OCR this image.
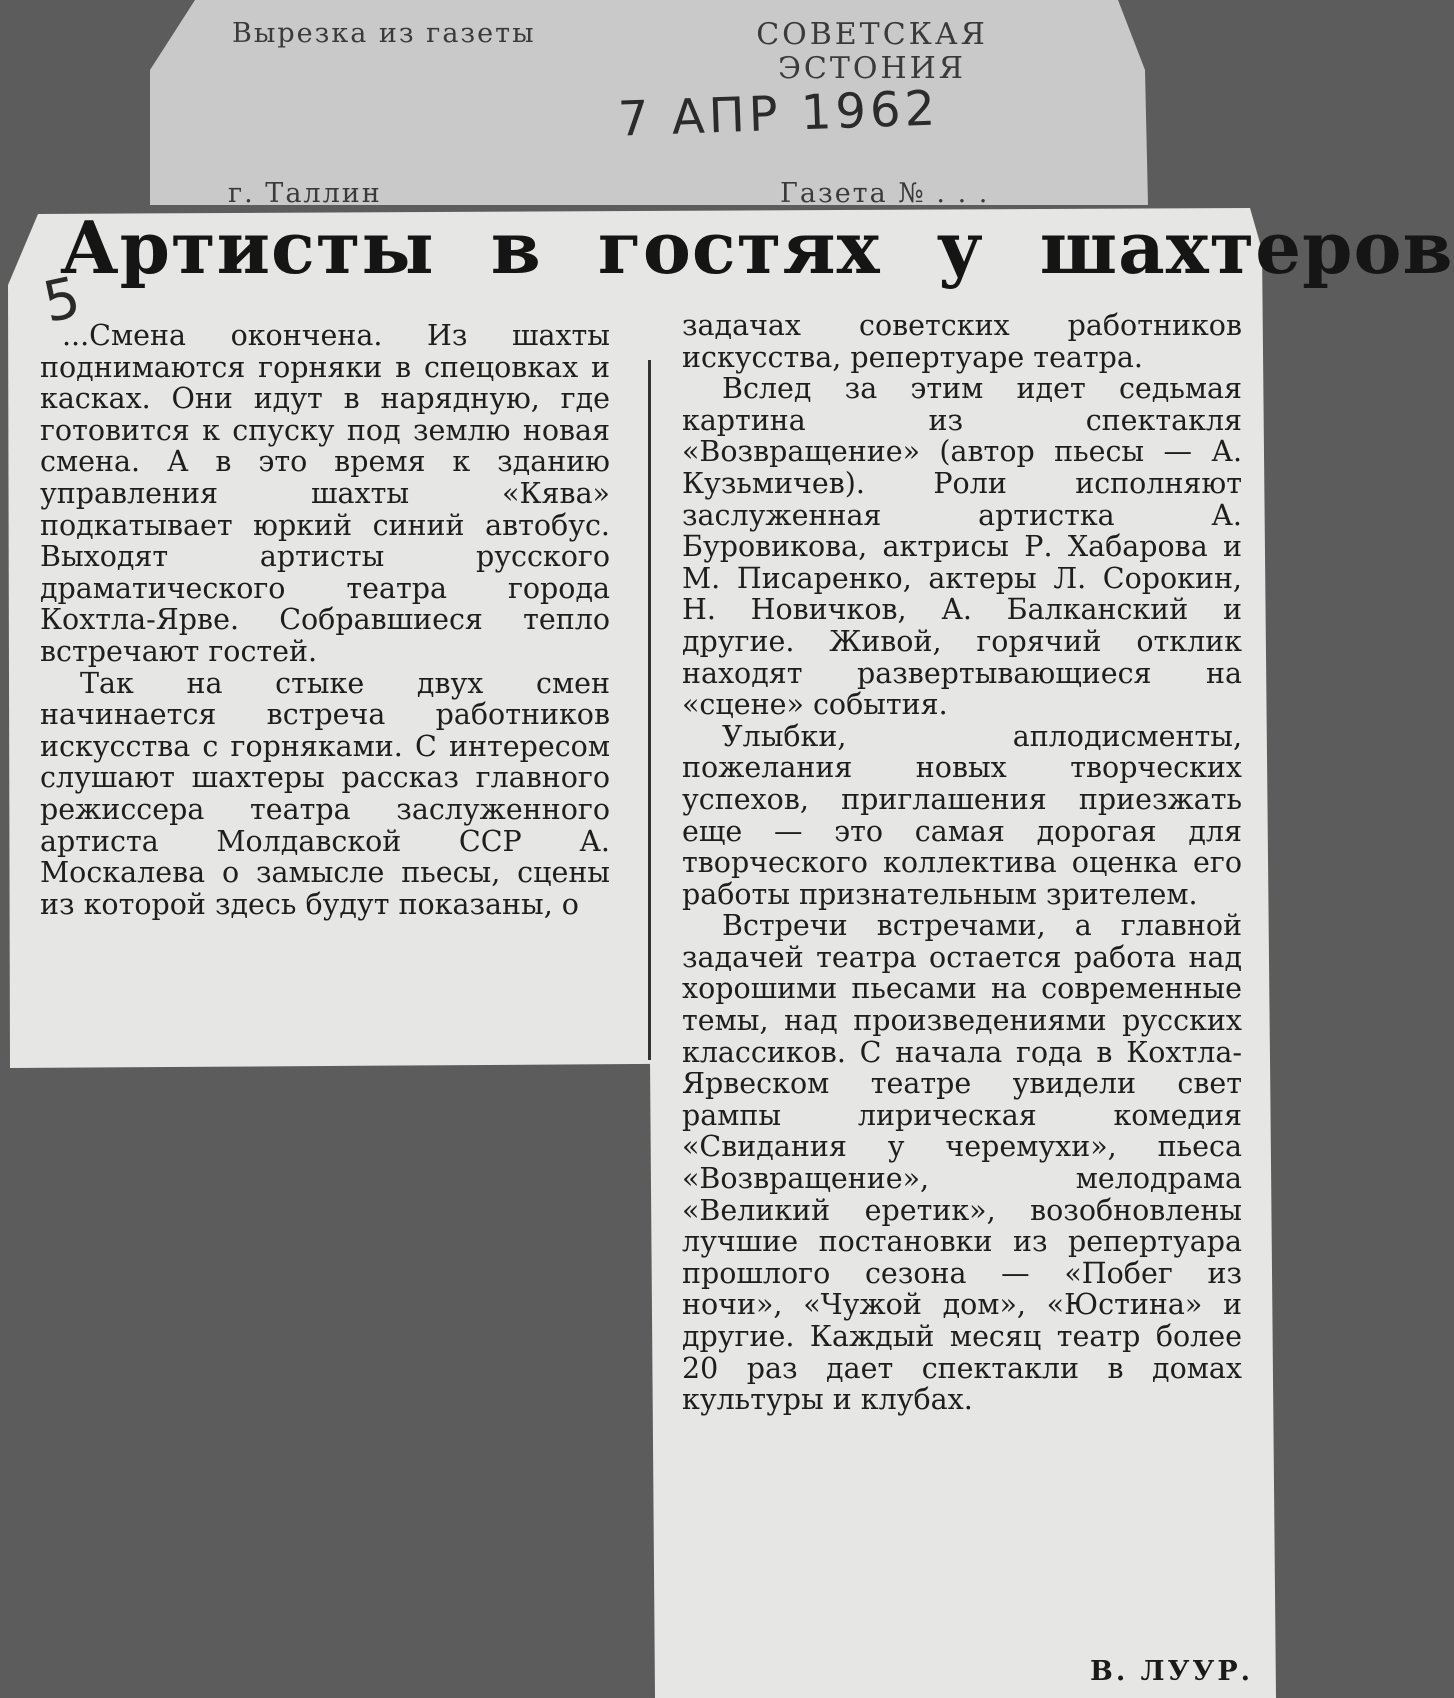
Вырезка из газеты	СОВЕТСКАЯ
ЭСТОНИЯ
7 АПР 1962
г. Таллин	Газета № . . .
5
Артисты в гостях у шахтеров

...Смена окончена. Из шахты поднимаются горняки в спецовках и касках. Они идут в нарядную, где готовится к спуску под землю новая смена. А в это время к зданию управления шахты «Кява» подкатывает юркий синий автобус. Выходят артисты русского драматического театра города Кохтла-Ярве. Собравшиеся тепло встречают гостей.

Так на стыке двух смен начинается встреча работников искусства с горняками. С интересом слушают шахтеры рассказ главного режиссера театра заслуженного артиста Молдавской ССР А. Москалева о замысле пьесы, сцены из которой здесь будут показаны, о

задачах советских работников искусства, репертуаре театра.

Вслед за этим идет седьмая картина из спектакля «Возвращение» (автор пьесы — А. Кузьмичев). Роли исполняют заслуженная артистка А. Буровикова, актрисы Р. Хабарова и М. Писаренко, актеры Л. Сорокин, Н. Новичков, А. Балканский и другие. Живой, горячий отклик находят развертывающиеся на «сцене» события.

Улыбки, аплодисменты, пожелания новых творческих успехов, приглашения приезжать еще — это самая дорогая для творческого коллектива оценка его работы признательным зрителем.

Встречи встречами, а главной задачей театра остается работа над хорошими пьесами на современные темы, над произведениями русских классиков. С начала года в Кохтла-Ярвеском театре увидели свет рампы лирическая комедия «Свидания у черемухи», пьеса «Возвращение», мелодрама «Великий еретик», возобновлены лучшие постановки из репертуара прошлого сезона — «Побег из ночи», «Чужой дом», «Юстина» и другие. Каждый месяц театр более 20 раз дает спектакли в домах культуры и клубах.

В. ЛУУР.
